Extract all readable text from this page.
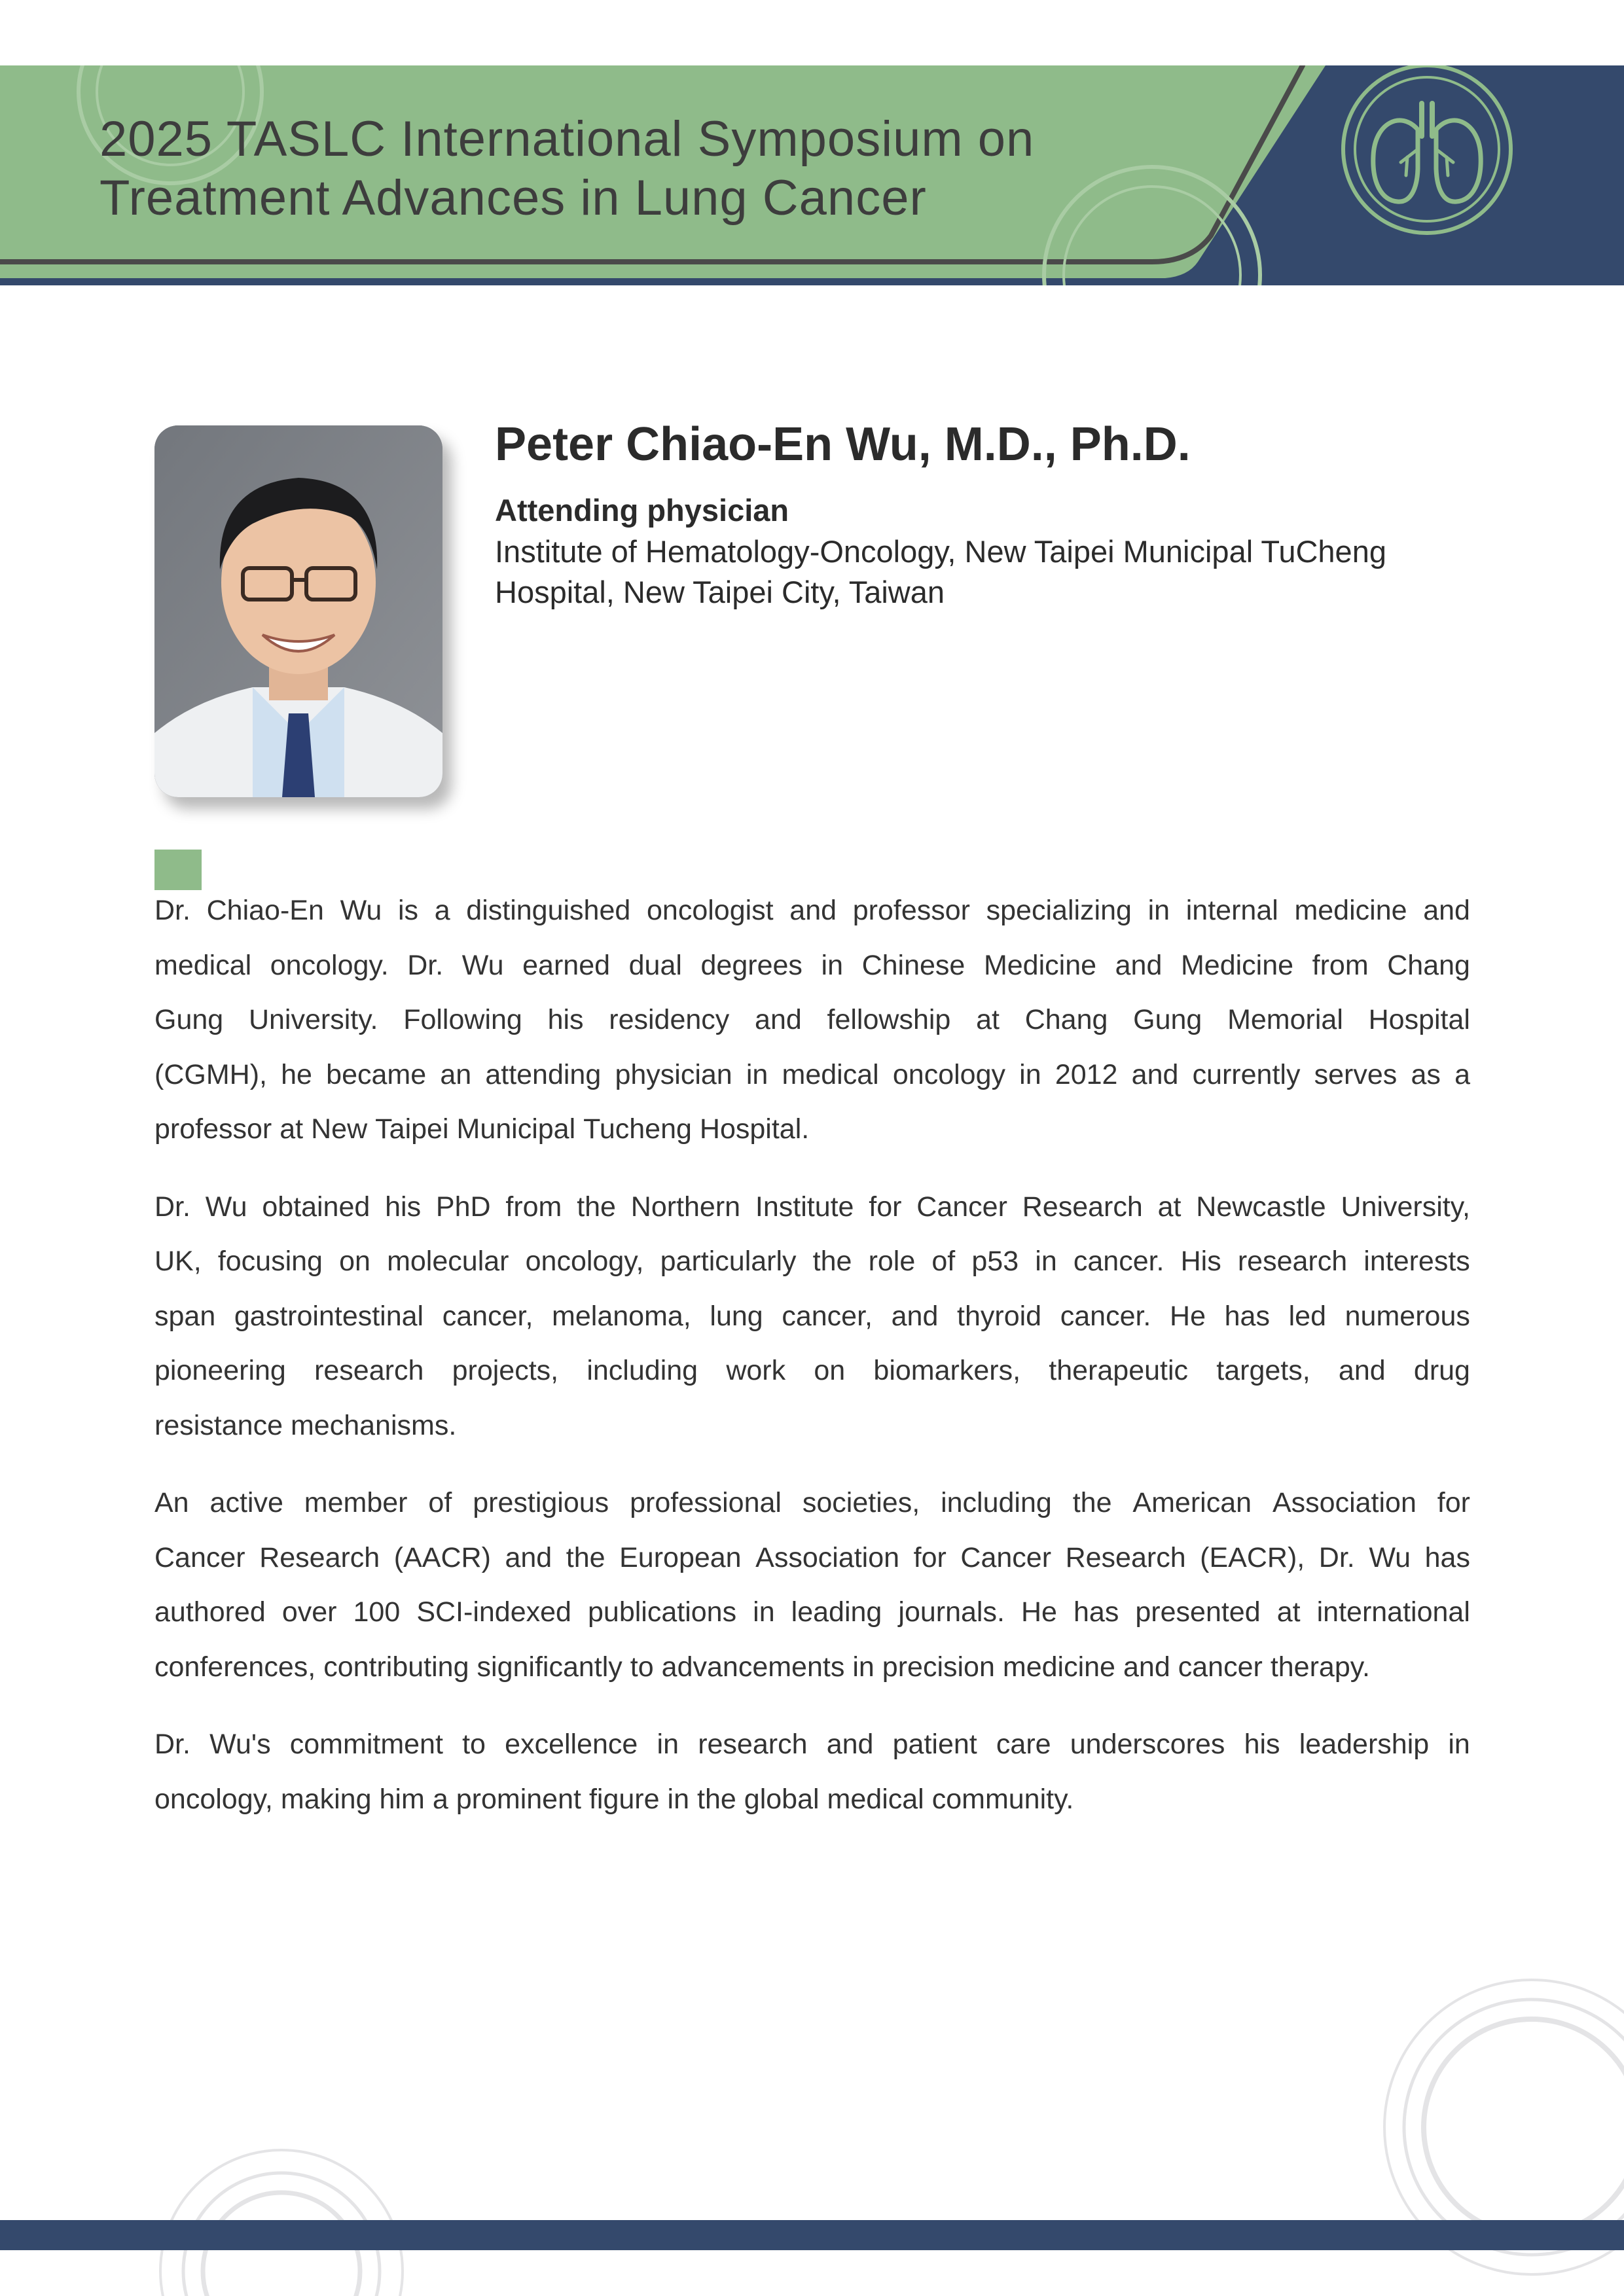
2025 TASLC International Symposium on
Treatment Advances in Lung Cancer
Peter Chiao-En Wu, M.D., Ph.D.
Attending physician
Institute of Hematology-Oncology, New Taipei Municipal TuCheng
Hospital, New Taipei City, Taiwan
Dr. Chiao-En Wu is a distinguished oncologist and professor specializing in internal medicine and
medical oncology. Dr. Wu earned dual degrees in Chinese Medicine and Medicine from Chang
Gung University. Following his residency and fellowship at Chang Gung Memorial Hospital
(CGMH), he became an attending physician in medical oncology in 2012 and currently serves as a
professor at New Taipei Municipal Tucheng Hospital.
Dr. Wu obtained his PhD from the Northern Institute for Cancer Research at Newcastle University,
UK, focusing on molecular oncology, particularly the role of p53 in cancer. His research interests
span gastrointestinal cancer, melanoma, lung cancer, and thyroid cancer. He has led numerous
pioneering research projects, including work on biomarkers, therapeutic targets, and drug
resistance mechanisms.
An active member of prestigious professional societies, including the American Association for
Cancer Research (AACR) and the European Association for Cancer Research (EACR), Dr. Wu has
authored over 100 SCI-indexed publications in leading journals. He has presented at international
conferences, contributing significantly to advancements in precision medicine and cancer therapy.
Dr. Wu's commitment to excellence in research and patient care underscores his leadership in
oncology, making him a prominent figure in the global medical community.
